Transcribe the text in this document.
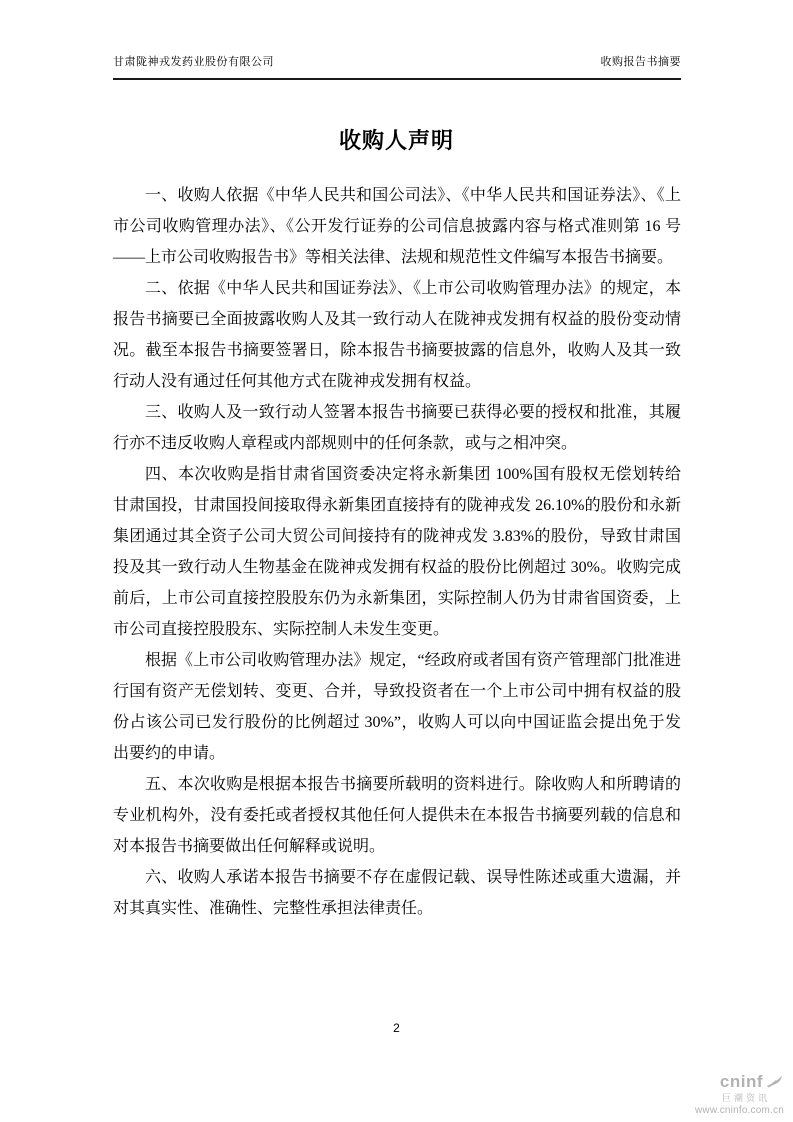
甘肃陇神戎发药业股份有限公司	收购报告书摘要
收购人声明

一、收购人依据《中华人民共和国公司法》、《中华人民共和国证券法》、《上市公司收购管理办法》、《公开发行证券的公司信息披露内容与格式准则第 16 号——上市公司收购报告书》等相关法律、法规和规范性文件编写本报告书摘要。

二、依据《中华人民共和国证券法》、《上市公司收购管理办法》的规定，本报告书摘要已全面披露收购人及其一致行动人在陇神戎发拥有权益的股份变动情况。截至本报告书摘要签署日，除本报告书摘要披露的信息外，收购人及其一致行动人没有通过任何其他方式在陇神戎发拥有权益。

三、收购人及一致行动人签署本报告书摘要已获得必要的授权和批准，其履行亦不违反收购人章程或内部规则中的任何条款，或与之相冲突。

四、本次收购是指甘肃省国资委决定将永新集团 100%国有股权无偿划转给甘肃国投，甘肃国投间接取得永新集团直接持有的陇神戎发 26.10%的股份和永新集团通过其全资子公司大贸公司间接持有的陇神戎发 3.83%的股份，导致甘肃国投及其一致行动人生物基金在陇神戎发拥有权益的股份比例超过 30%。收购完成前后，上市公司直接控股股东仍为永新集团，实际控制人仍为甘肃省国资委，上市公司直接控股股东、实际控制人未发生变更。

根据《上市公司收购管理办法》规定，“经政府或者国有资产管理部门批准进行国有资产无偿划转、变更、合并，导致投资者在一个上市公司中拥有权益的股份占该公司已发行股份的比例超过 30%”，收购人可以向中国证监会提出免于发出要约的申请。

五、本次收购是根据本报告书摘要所载明的资料进行。除收购人和所聘请的专业机构外，没有委托或者授权其他任何人提供未在本报告书摘要列载的信息和对本报告书摘要做出任何解释或说明。

六、收购人承诺本报告书摘要不存在虚假记载、误导性陈述或重大遗漏，并对其真实性、准确性、完整性承担法律责任。

2
cninf
巨潮资讯
www.cninfo.com.cn
